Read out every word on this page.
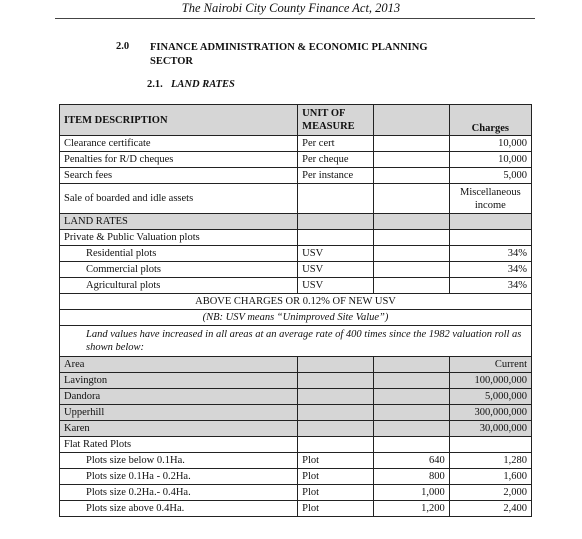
The Nairobi City County Finance Act, 2013
2.0 FINANCE ADMINISTRATION & ECONOMIC PLANNING SECTOR
2.1. LAND RATES
ITEM DESCRIPTION	UNIT OF MEASURE		Charges
Clearance certificate	Per cert		10,000
Penalties for R/D cheques	Per cheque		10,000
Search fees	Per instance		5,000
Sale of boarded and idle assets			Miscellaneous income
LAND RATES			
Private & Public Valuation plots			
Residential plots	USV		34%
Commercial plots	USV		34%
Agricultural plots	USV		34%
ABOVE CHARGES OR 0.12% OF NEW USV			
(NB: USV means “Unimproved Site Value”)			
Land values have increased in all areas at an average rate of 400 times since the 1982 valuation roll as shown below:			
Area			Current
Lavington			100,000,000
Dandora			5,000,000
Upperhill			300,000,000
Karen			30,000,000
Flat Rated Plots			
Plots size below 0.1Ha.	Plot	640	1,280
Plots size 0.1Ha - 0.2Ha.	Plot	800	1,600
Plots size 0.2Ha.- 0.4Ha.	Plot	1,000	2,000
Plots size above 0.4Ha.	Plot	1,200	2,400
